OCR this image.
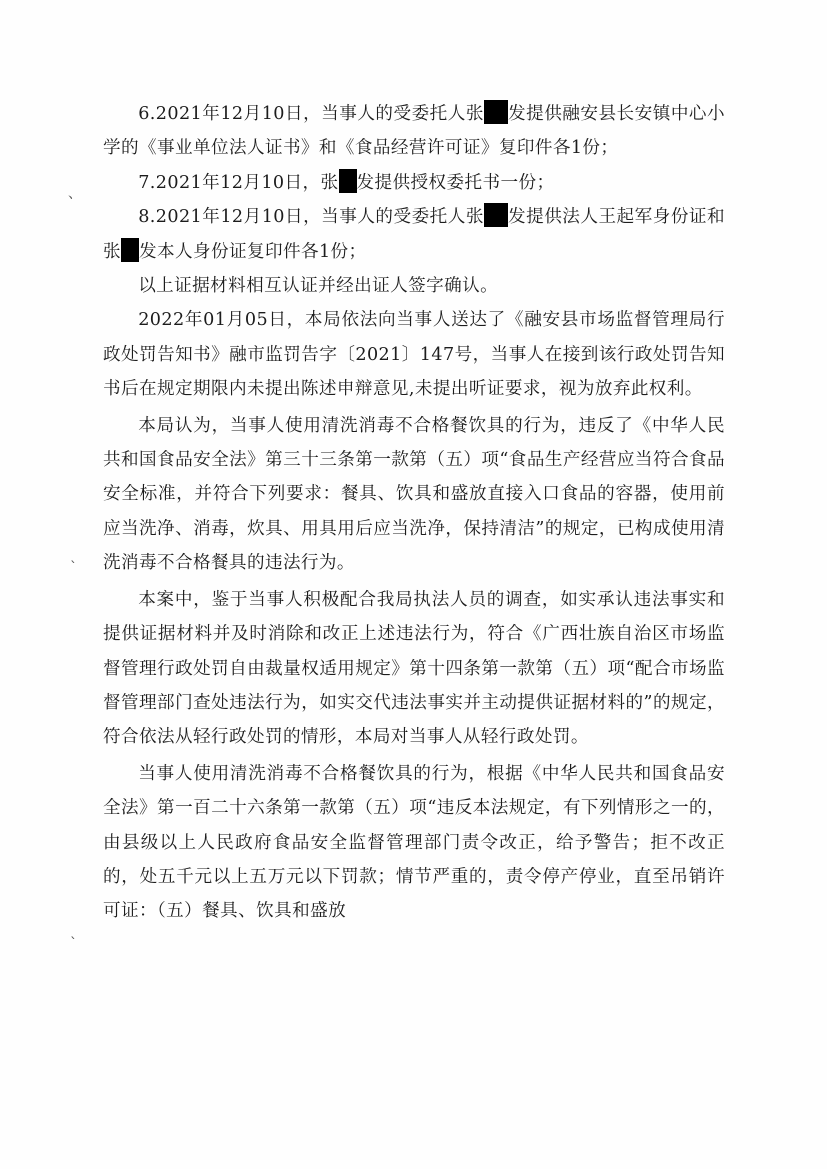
6.2021年12月10日，当事人的受委托人张 发提供融安县长安镇中心小学的《事业单位法人证书》和《食品经营许可证》复印件各1份；

7.2021年12月10日，张 发提供授权委托书一份；

8.2021年12月10日，当事人的受委托人张 发提供法人王起军身份证和张 发本人身份证复印件各1份；

以上证据材料相互认证并经出证人签字确认。

2022年01月05日，本局依法向当事人送达了《融安县市场监督管理局行政处罚告知书》融市监罚告字〔2021〕147号，当事人在接到该行政处罚告知书后在规定期限内未提出陈述申辩意见,未提出听证要求，视为放弃此权利。

本局认为，当事人使用清洗消毒不合格餐饮具的行为，违反了《中华人民共和国食品安全法》第三十三条第一款第（五）项“食品生产经营应当符合食品安全标准，并符合下列要求：餐具、饮具和盛放直接入口食品的容器，使用前应当洗净、消毒，炊具、用具用后应当洗净，保持清洁”的规定，已构成使用清洗消毒不合格餐具的违法行为。

本案中，鉴于当事人积极配合我局执法人员的调查，如实承认违法事实和提供证据材料并及时消除和改正上述违法行为，符合《广西壮族自治区市场监督管理行政处罚自由裁量权适用规定》第十四条第一款第（五）项“配合市场监督管理部门查处违法行为，如实交代违法事实并主动提供证据材料的”的规定，符合依法从轻行政处罚的情形，本局对当事人从轻行政处罚。

当事人使用清洗消毒不合格餐饮具的行为，根据《中华人民共和国食品安全法》第一百二十六条第一款第（五）项“违反本法规定，有下列情形之一的，由县级以上人民政府食品安全监督管理部门责令改正，给予警告；拒不改正的，处五千元以上五万元以下罚款；情节严重的，责令停产停业，直至吊销许可证：（五）餐具、饮具和盛放

、
`
`
